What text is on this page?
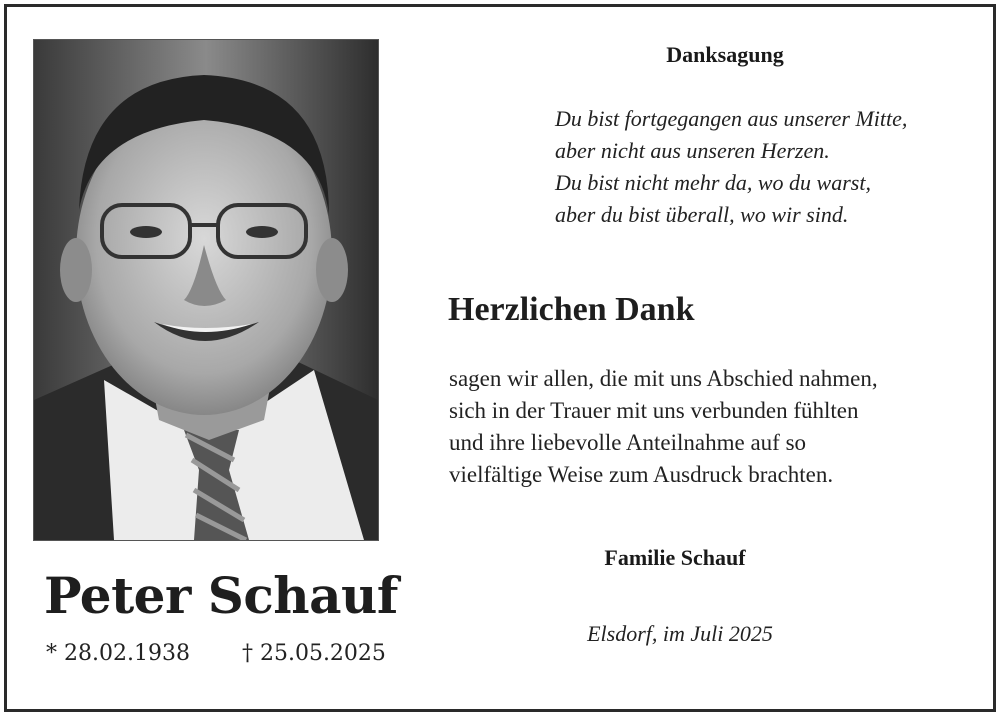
Peter Schauf
* 28.02.1938 † 25.05.2025
Danksagung
Du bist fortgegangen aus unserer Mitte,
aber nicht aus unseren Herzen.
Du bist nicht mehr da, wo du warst,
aber du bist überall, wo wir sind.
Herzlichen Dank
sagen wir allen, die mit uns Abschied nahmen,
sich in der Trauer mit uns verbunden fühlten
und ihre liebevolle Anteilnahme auf so
vielfältige Weise zum Ausdruck brachten.
Familie Schauf
Elsdorf, im Juli 2025
